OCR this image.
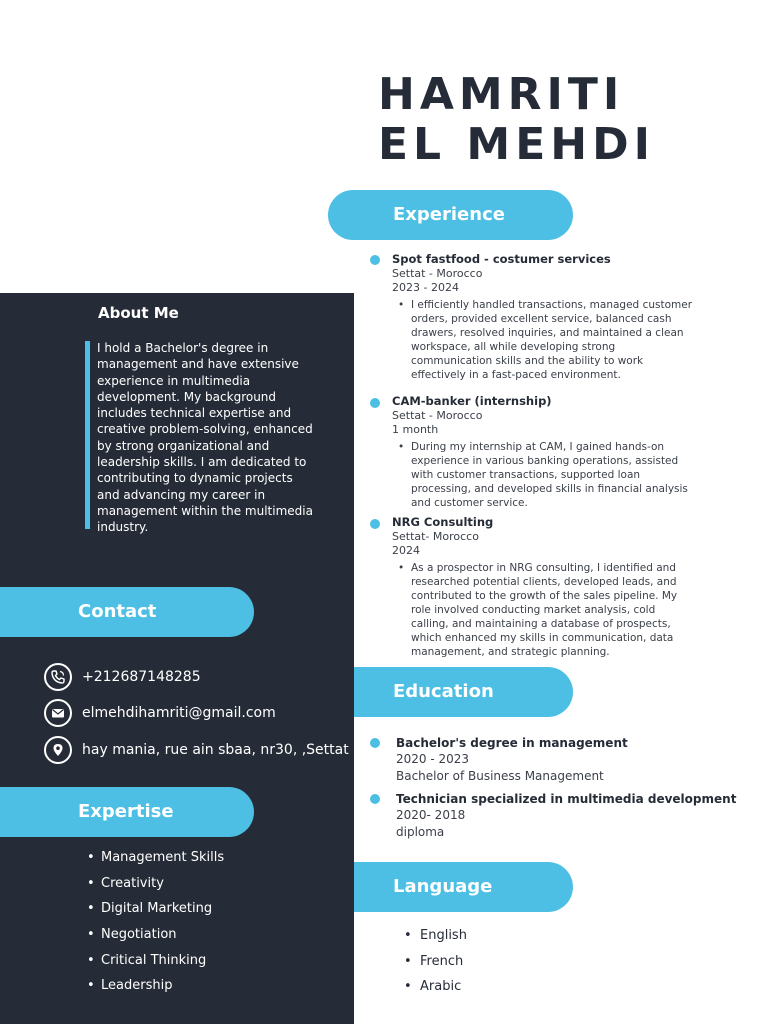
HAMRITI
EL MEHDI
Experience
Spot fastfood - costumer services
Settat - Morocco
2023 - 2024

• I efficiently handled transactions, managed customer orders, provided excellent service, balanced cash drawers, resolved inquiries, and maintained a clean workspace, all while developing strong communication skills and the ability to work effectively in a fast-paced environment.

CAM-banker (internship)
Settat - Morocco
1 month

• During my internship at CAM, I gained hands-on experience in various banking operations, assisted with customer transactions, supported loan processing, and developed skills in financial analysis and customer service.

NRG Consulting
Settat- Morocco
2024

• As a prospector in NRG consulting, I identified and researched potential clients, developed leads, and contributed to the growth of the sales pipeline. My role involved conducting market analysis, cold calling, and maintaining a database of prospects, which enhanced my skills in communication, data management, and strategic planning.

Education
Bachelor's degree in management
2020 - 2023
Bachelor of Business Management
Technician specialized in multimedia development
2020- 2018
diploma
Language
• English
• French
• Arabic
About Me

I hold a Bachelor's degree in management and have extensive experience in multimedia development. My background includes technical expertise and creative problem-solving, enhanced by strong organizational and leadership skills. I am dedicated to contributing to dynamic projects and advancing my career in management within the multimedia industry.

Contact
+212687148285
elmehdihamriti@gmail.com
hay mania, rue ain sbaa, nr30, ,Settat
Expertise
• Management Skills
• Creativity
• Digital Marketing
• Negotiation
• Critical Thinking
• Leadership
